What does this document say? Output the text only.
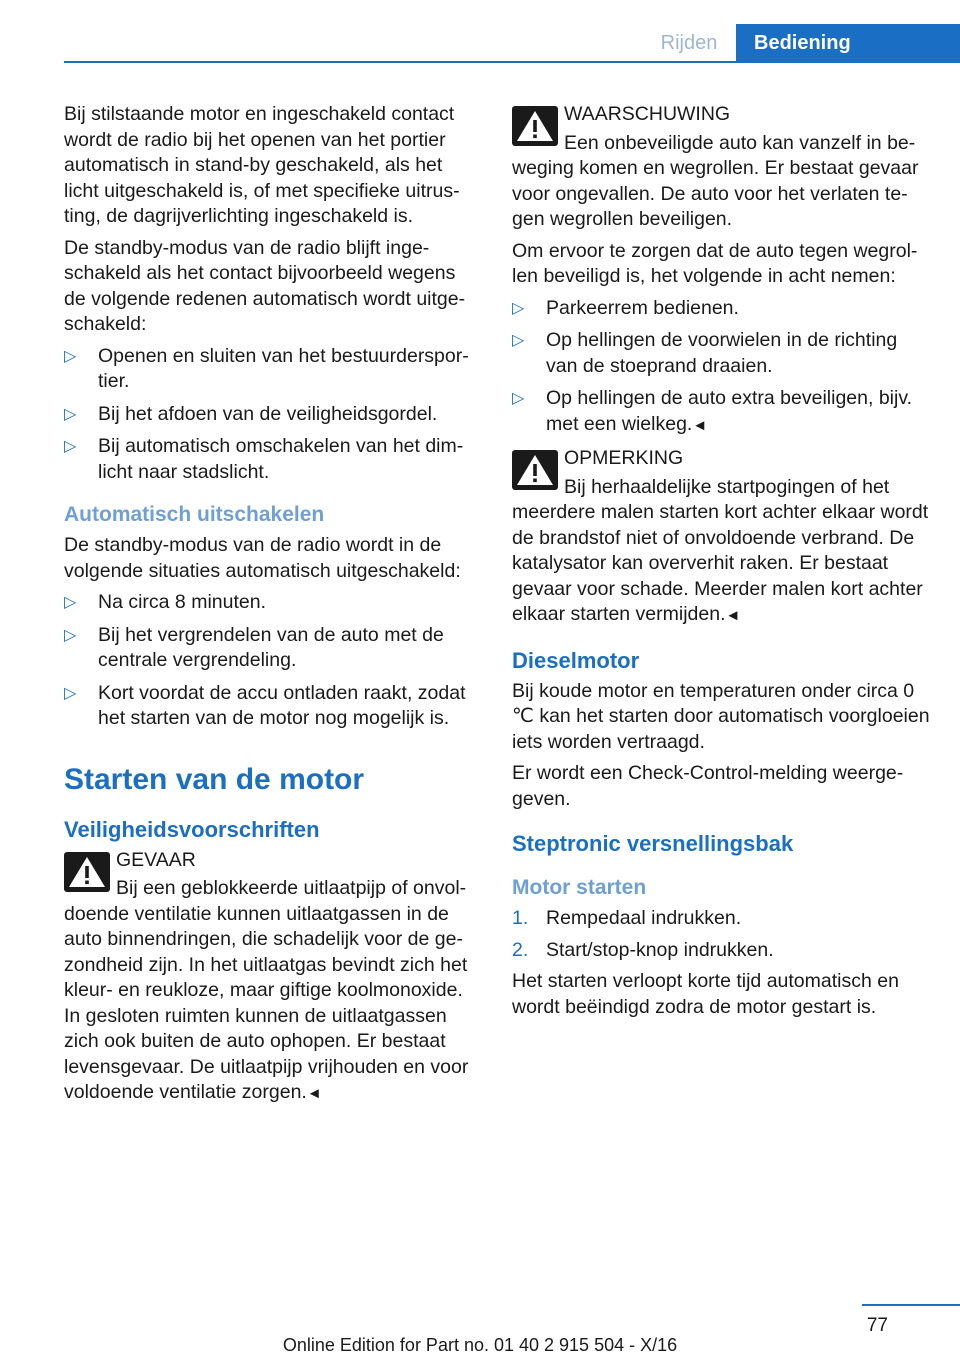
Rijden	Bediening

Bij stilstaande motor en ingeschakeld contact wordt de radio bij het openen van het portier automatisch in stand-by geschakeld, als het licht uitgeschakeld is, of met specifieke uitrusting, de dagrijverlichting ingeschakeld is.

De standby-modus van de radio blijft ingeschakeld als het contact bijvoorbeeld wegens de volgende redenen automatisch wordt uitgeschakeld:

▷ Openen en sluiten van het bestuurdersportier.
▷ Bij het afdoen van de veiligheidsgordel.
▷ Bij automatisch omschakelen van het dimlicht naar stadslicht.
Automatisch uitschakelen

De standby-modus van de radio wordt in de volgende situaties automatisch uitgeschakeld:

▷ Na circa 8 minuten.
▷ Bij het vergrendelen van de auto met de centrale vergrendeling.
▷ Kort voordat de accu ontladen raakt, zodat het starten van de motor nog mogelijk is.
Starten van de motor
Veiligheidsvoorschriften
GEVAAR
Bij een geblokkeerde uitlaatpijp of onvoldoende ventilatie kunnen uitlaatgassen in de auto binnendringen, die schadelijk voor de gezondheid zijn. In het uitlaatgas bevindt zich het kleur- en reukloze, maar giftige koolmonoxide. In gesloten ruimten kunnen de uitlaatgassen zich ook buiten de auto ophopen. Er bestaat levensgevaar. De uitlaatpijp vrijhouden en voor voldoende ventilatie zorgen.◄
WAARSCHUWING
Een onbeveiligde auto kan vanzelf in beweging komen en wegrollen. Er bestaat gevaar voor ongevallen. De auto voor het verlaten tegen wegrollen beveiligen.

Om ervoor te zorgen dat de auto tegen wegrollen beveiligd is, het volgende in acht nemen:

▷ Parkeerrem bedienen.
▷ Op hellingen de voorwielen in de richting van de stoeprand draaien.
▷ Op hellingen de auto extra beveiligen, bijv. met een wielkeg.◄
OPMERKING
Bij herhaaldelijke startpogingen of het meerdere malen starten kort achter elkaar wordt de brandstof niet of onvoldoende verbrand. De katalysator kan oververhit raken. Er bestaat gevaar voor schade. Meerder malen kort achter elkaar starten vermijden.◄
Dieselmotor

Bij koude motor en temperaturen onder circa 0 ℃ kan het starten door automatisch voorgloeien iets worden vertraagd.

Er wordt een Check-Control-melding weergegeven.

Steptronic versnellingsbak
Motor starten
1. Rempedaal indrukken.
2. Start/stop-knop indrukken.

Het starten verloopt korte tijd automatisch en wordt beëindigd zodra de motor gestart is.

77
Online Edition for Part no. 01 40 2 915 504 - X/16
